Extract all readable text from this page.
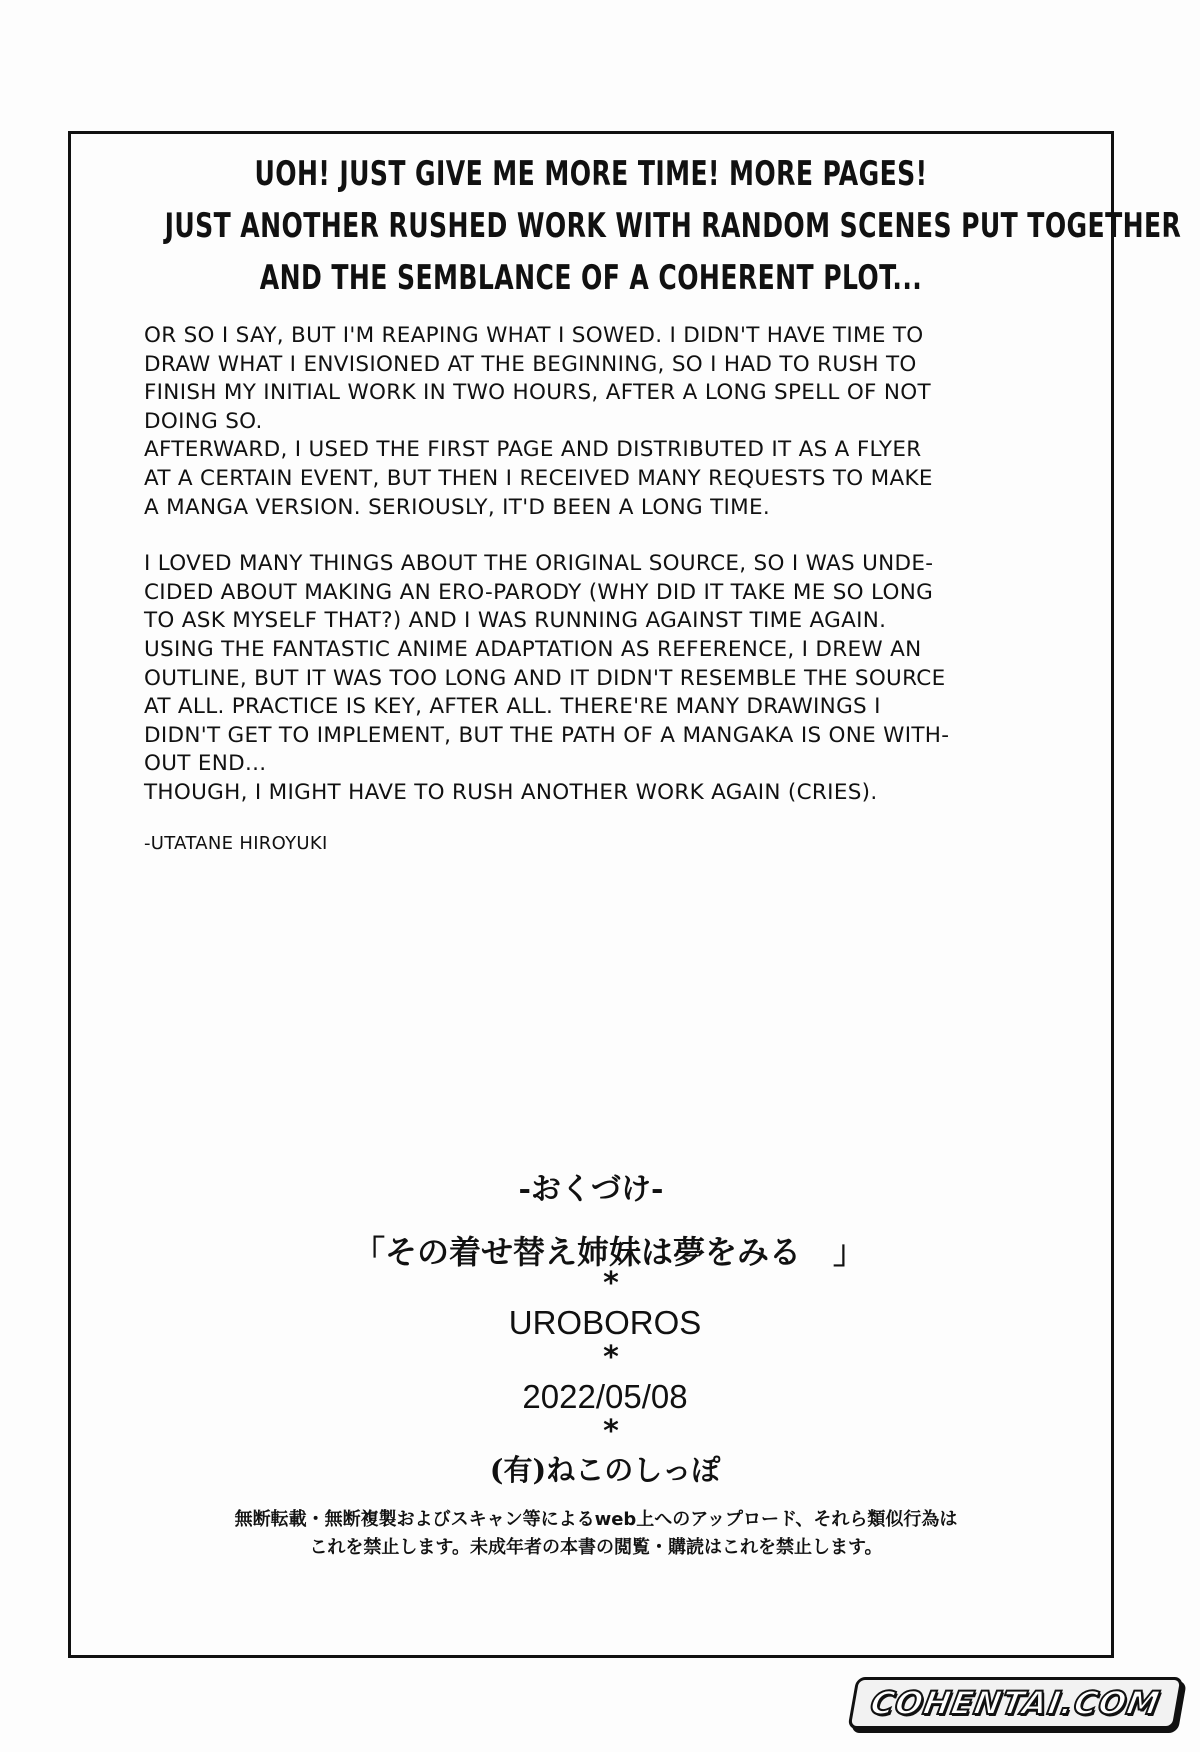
UOH! JUST GIVE ME MORE TIME! MORE PAGES!
JUST ANOTHER RUSHED WORK WITH RANDOM SCENES PUT TOGETHER
AND THE SEMBLANCE OF A COHERENT PLOT...
OR SO I SAY, BUT I'M REAPING WHAT I SOWED. I DIDN'T HAVE TIME TO
DRAW WHAT I ENVISIONED AT THE BEGINNING, SO I HAD TO RUSH TO
FINISH MY INITIAL WORK IN TWO HOURS, AFTER A LONG SPELL OF NOT
DOING SO.
AFTERWARD, I USED THE FIRST PAGE AND DISTRIBUTED IT AS A FLYER
AT A CERTAIN EVENT, BUT THEN I RECEIVED MANY REQUESTS TO MAKE
A MANGA VERSION. SERIOUSLY, IT'D BEEN A LONG TIME.
I LOVED MANY THINGS ABOUT THE ORIGINAL SOURCE, SO I WAS UNDE-
CIDED ABOUT MAKING AN ERO-PARODY (WHY DID IT TAKE ME SO LONG
TO ASK MYSELF THAT?) AND I WAS RUNNING AGAINST TIME AGAIN.
USING THE FANTASTIC ANIME ADAPTATION AS REFERENCE, I DREW AN
OUTLINE, BUT IT WAS TOO LONG AND IT DIDN'T RESEMBLE THE SOURCE
AT ALL. PRACTICE IS KEY, AFTER ALL. THERE'RE MANY DRAWINGS I
DIDN'T GET TO IMPLEMENT, BUT THE PATH OF A MANGAKA IS ONE WITH-
OUT END...
THOUGH, I MIGHT HAVE TO RUSH ANOTHER WORK AGAIN (CRIES).
-UTATANE HIROYUKI
-おくづけ-
「その着せ替え姉妹は夢をみる　」
*
UROBOROS
*
2022/05/08
*
(有)ねこのしっぽ
無断転載・無断複製およびスキャン等によるweb上へのアップロード、それら類似行為は
これを禁止します。未成年者の本書の閲覧・購読はこれを禁止します。
COHENTAI.COM
